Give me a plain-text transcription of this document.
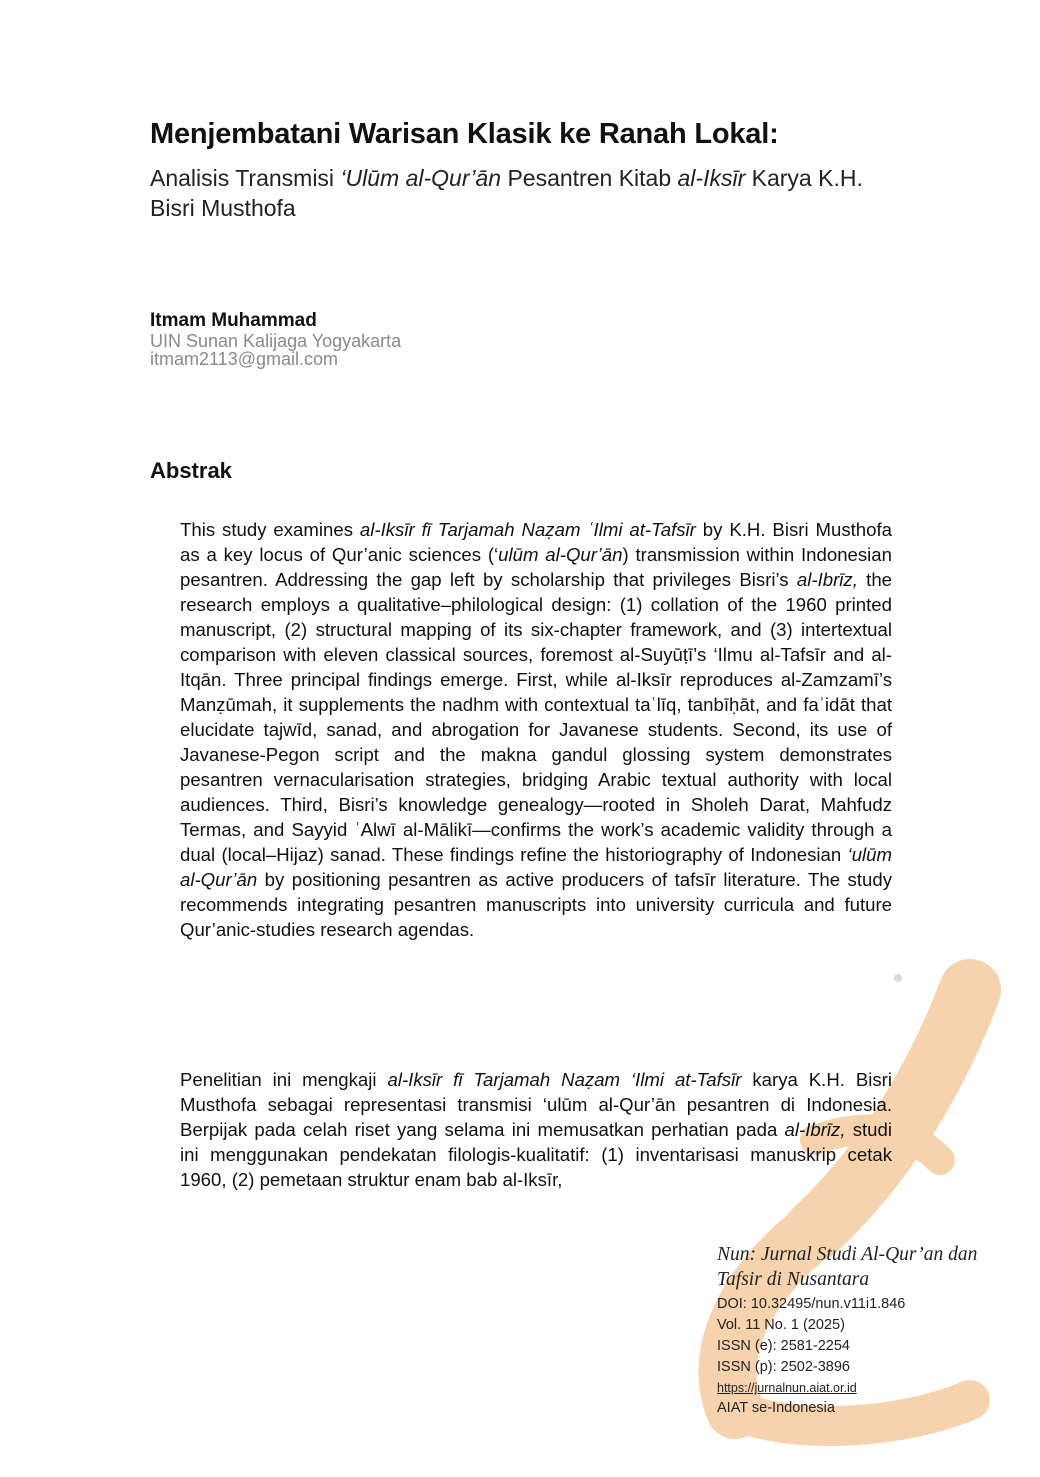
Menjembatani Warisan Klasik ke Ranah Lokal:
Analisis Transmisi ‘Ulūm al-Qur’ān Pesantren Kitab al-Iksīr Karya K.H. Bisri Musthofa
Itmam Muhammad
UIN Sunan Kalijaga Yogyakarta
itmam2113@gmail.com
Abstrak

This study examines al-Iksīr fī Tarjamah Naẓam ʿIlmi at-Tafsīr by K.H. Bisri Musthofa as a key locus of Qur’anic sciences (‘ulūm al-Qur’ān) transmission within Indonesian pesantren. Addressing the gap left by scholarship that privileges Bisri’s al-Ibrīz, the research employs a qualitative–philological design: (1) collation of the 1960 printed manuscript, (2) structural mapping of its six-chapter framework, and (3) intertextual comparison with eleven classical sources, foremost al-Suyūṭī’s ‘Ilmu al-Tafsīr and al-Itqān. Three principal findings emerge. First, while al-Iksīr reproduces al-Zamzamī’s Manẓūmah, it supplements the nadhm with contextual taʿlīq, tanbīḥāt, and faʾidāt that elucidate tajwīd, sanad, and abrogation for Javanese students. Second, its use of Javanese-Pegon script and the makna gandul glossing system demonstrates pesantren vernacularisation strategies, bridging Arabic textual authority with local audiences. Third, Bisri’s knowledge genealogy—rooted in Sholeh Darat, Mahfudz Termas, and Sayyid ʿAlwī al-Mālikī—confirms the work’s academic validity through a dual (local–Hijaz) sanad. These findings refine the historiography of Indonesian ‘ulūm al-Qur’ān by positioning pesantren as active producers of tafsīr literature. The study recommends integrating pesantren manuscripts into university curricula and future Qur’anic-studies research agendas.

Penelitian ini mengkaji al-Iksīr fī Tarjamah Naẓam ‘Ilmi at-Tafsīr karya K.H. Bisri Musthofa sebagai representasi transmisi ‘ulūm al-Qur’ān pesantren di Indonesia. Berpijak pada celah riset yang selama ini memusatkan perhatian pada al-Ibrīz, studi ini menggunakan pendekatan filologis-kualitatif: (1) inventarisasi manuskrip cetak 1960, (2) pemetaan struktur enam bab al-Iksīr,

Nun: Jurnal Studi Al-Qur’an dan Tafsir di Nusantara
DOI: 10.32495/nun.v11i1.846
Vol. 11 No. 1 (2025)
ISSN (e): 2581-2254
ISSN (p): 2502-3896
https://jurnalnun.aiat.or.id
AIAT se-Indonesia
